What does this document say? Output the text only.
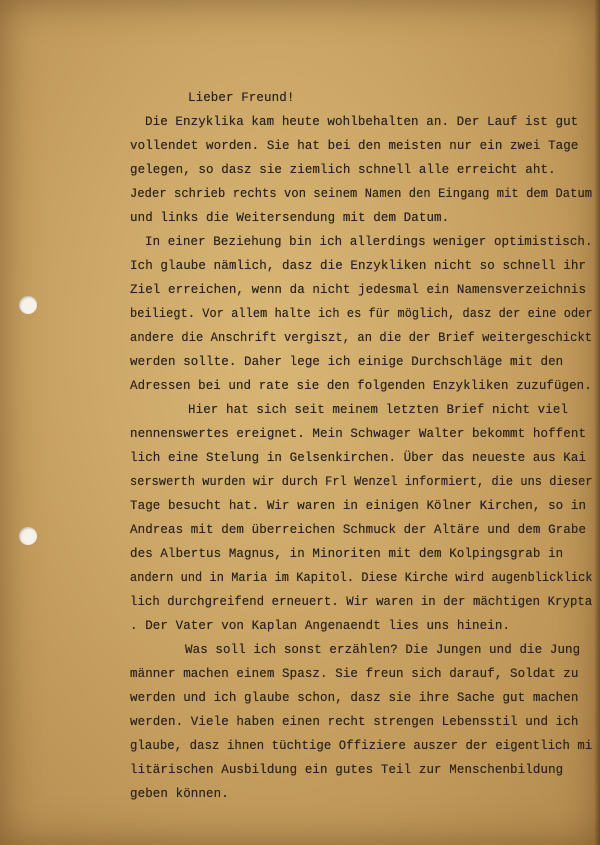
Lieber Freund!
Die Enzyklika kam heute wohlbehalten an. Der Lauf ist gut
vollendet worden. Sie hat bei den meisten nur ein zwei Tage
gelegen, so dasz sie ziemlich schnell alle erreicht aht.
Jeder schrieb rechts von seinem Namen den Eingang mit dem Datum
und links die Weitersendung mit dem Datum.
In einer Beziehung bin ich allerdings weniger optimistisch.
Ich glaube nämlich, dasz die Enzykliken nicht so schnell ihr
Ziel erreichen, wenn da nicht jedesmal ein Namensverzeichnis
beiliegt. Vor allem halte ich es für möglich, dasz der eine oder
andere die Anschrift vergiszt, an die der Brief weitergeschickt
werden sollte. Daher lege ich einige Durchschläge mit den
Adressen bei und rate sie den folgenden Enzykliken zuzufügen.
Hier hat sich seit meinem letzten Brief nicht viel
nennenswertes ereignet. Mein Schwager Walter bekommt hoffent
lich eine Stelung in Gelsenkirchen. Über das neueste aus Kai
serswerth wurden wir durch Frl Wenzel informiert, die uns dieser
Tage besucht hat. Wir waren in einigen Kölner Kirchen, so in
Andreas mit dem überreichen Schmuck der Altäre und dem Grabe
des Albertus Magnus, in Minoriten mit dem Kolpingsgrab in
andern und in Maria im Kapitol. Diese Kirche wird augenblicklick
lich durchgreifend erneuert. Wir waren in der mächtigen Krypta
. Der Vater von Kaplan Angenaendt lies uns hinein.
Was soll ich sonst erzählen? Die Jungen und die Jung
männer machen einem Spasz. Sie freun sich darauf, Soldat zu
werden und ich glaube schon, dasz sie ihre Sache gut machen
werden. Viele haben einen recht strengen Lebensstil und ich
glaube, dasz ihnen tüchtige Offiziere auszer der eigentlich mi
litärischen Ausbildung ein gutes Teil zur Menschenbildung
geben können.
